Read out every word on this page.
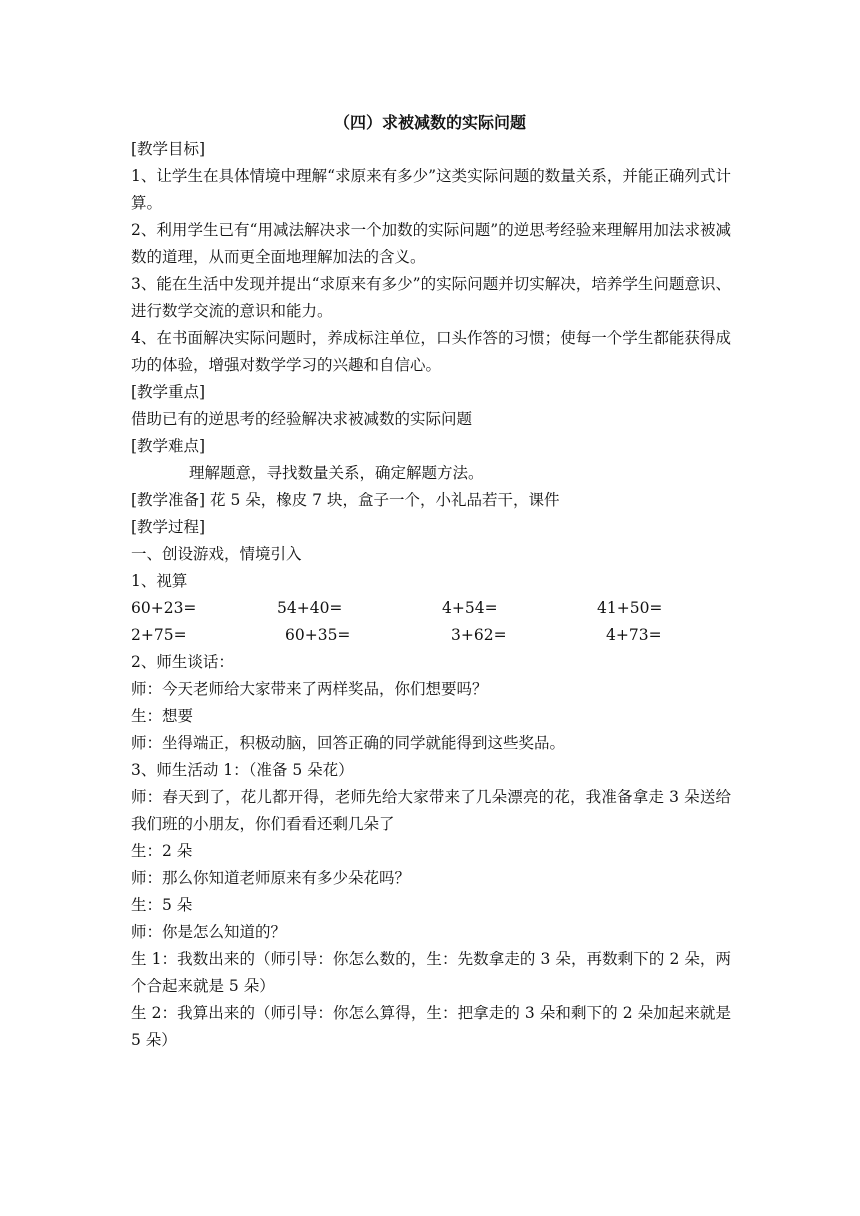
（四）求被减数的实际问题

[教学目标]

1、让学生在具体情境中理解“求原来有多少”这类实际问题的数量关系，并能正确列式计算。

2、利用学生已有“用减法解决求一个加数的实际问题”的逆思考经验来理解用加法求被减数的道理，从而更全面地理解加法的含义。

3、能在生活中发现并提出“求原来有多少”的实际问题并切实解决，培养学生问题意识、进行数学交流的意识和能力。

4、在书面解决实际问题时，养成标注单位，口头作答的习惯；使每一个学生都能获得成功的体验，增强对数学学习的兴趣和自信心。

[教学重点]

借助已有的逆思考的经验解决求被减数的实际问题

[教学难点]

理解题意，寻找数量关系，确定解题方法。

[教学准备] 花 5 朵，橡皮 7 块，盒子一个，小礼品若干，课件

[教学过程]

一、创设游戏，情境引入

1、视算

60+23=	54+40=	4+54=	41+50=
2+75=	60+35=	3+62=	4+73=

2、师生谈话：

师：今天老师给大家带来了两样奖品，你们想要吗？

生：想要

师：坐得端正，积极动脑，回答正确的同学就能得到这些奖品。

3、师生活动 1：（准备 5 朵花）

师：春天到了，花儿都开得，老师先给大家带来了几朵漂亮的花，我准备拿走 3 朵送给我们班的小朋友，你们看看还剩几朵了

生：2 朵

师：那么你知道老师原来有多少朵花吗？

生：5 朵

师：你是怎么知道的？

生 1：我数出来的（师引导：你怎么数的，生：先数拿走的 3 朵，再数剩下的 2 朵，两个合起来就是 5 朵）

生 2：我算出来的（师引导：你怎么算得，生：把拿走的 3 朵和剩下的 2 朵加起来就是 5 朵）
